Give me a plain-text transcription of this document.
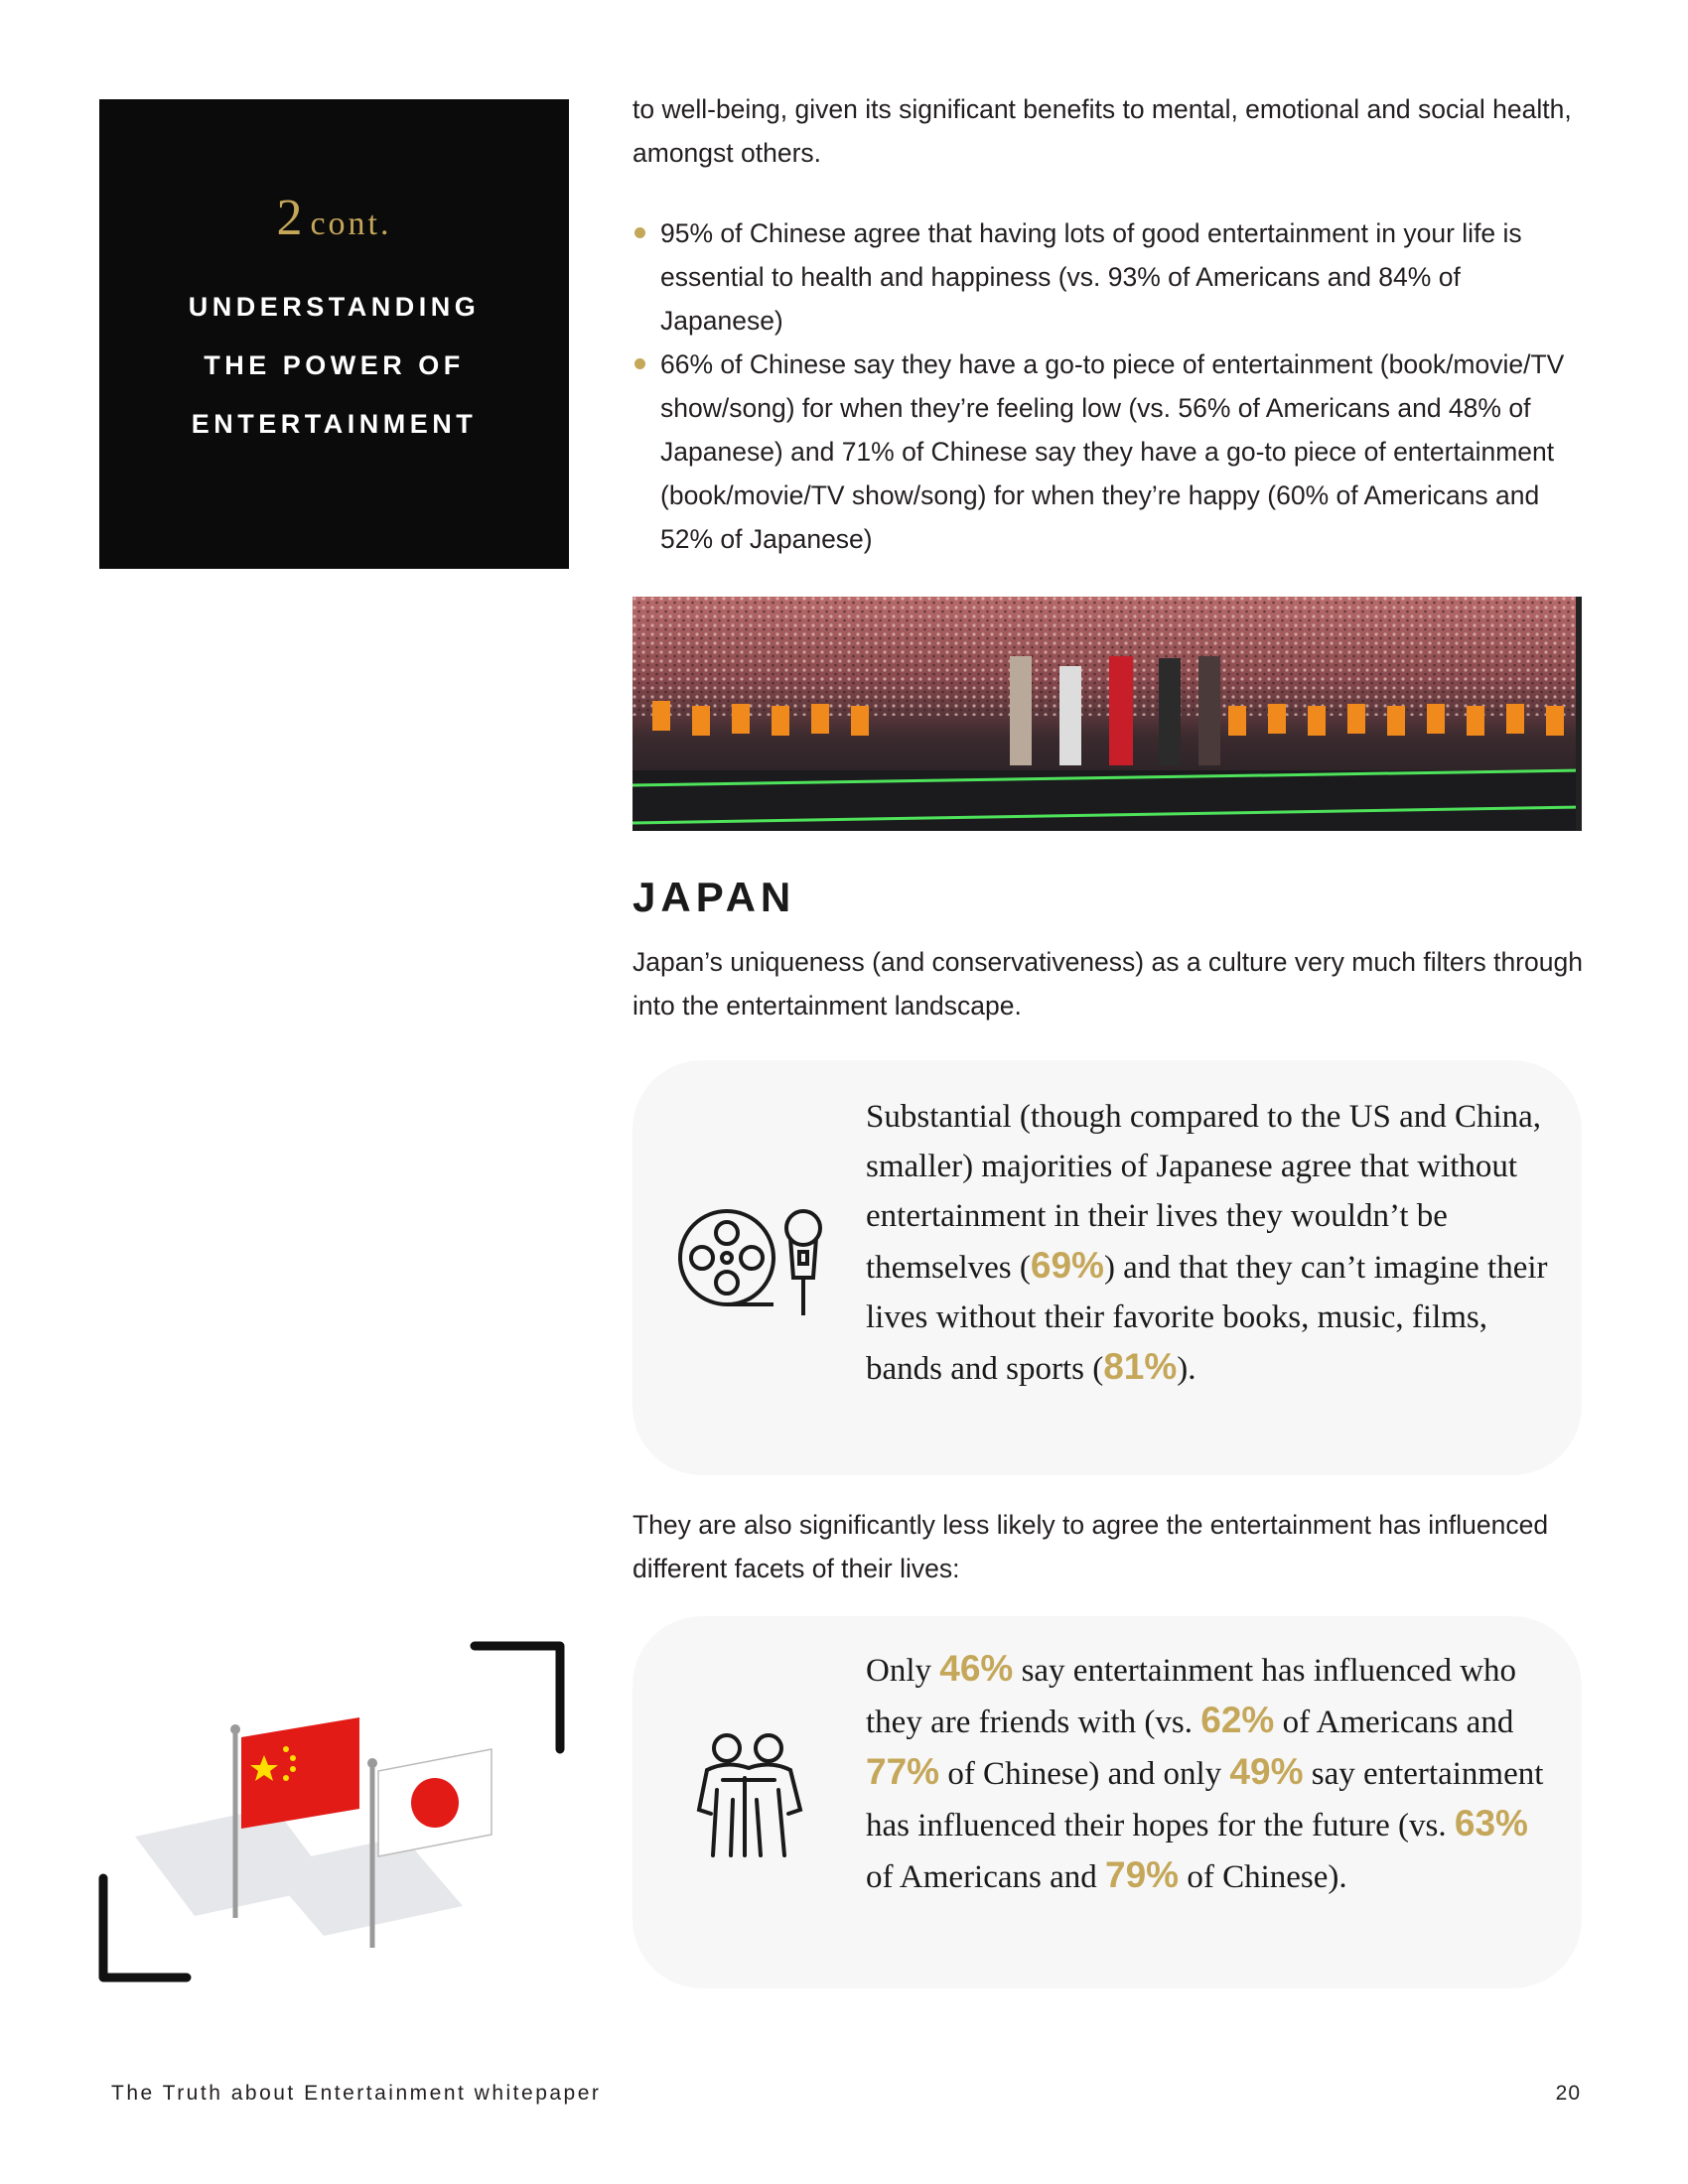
2 cont.
UNDERSTANDING
THE POWER OF
ENTERTAINMENT
to well-being, given its significant benefits to mental, emotional and social health, amongst others.
95% of Chinese agree that having lots of good entertainment in your life is essential to health and happiness (vs. 93% of Americans and 84% of Japanese)
66% of Chinese say they have a go-to piece of entertainment (book/movie/TV show/song) for when they’re feeling low (vs. 56% of Americans and 48% of Japanese) and 71% of Chinese say they have a go-to piece of entertainment (book/movie/TV show/song) for when they’re happy (60% of Americans and 52% of Japanese)
JAPAN
Japan’s uniqueness (and conservativeness) as a culture very much filters through into the entertainment landscape.
Substantial (though compared to the US and China, smaller) majorities of Japanese agree that without entertainment in their lives they wouldn’t be themselves (69%) and that they can’t imagine their lives without their favorite books, music, films, bands and sports (81%).
They are also significantly less likely to agree the entertainment has influenced different facets of their lives:
Only 46% say entertainment has influenced who they are friends with (vs. 62% of Americans and 77% of Chinese) and only 49% say entertainment has influenced their hopes for the future (vs. 63% of Americans and 79% of Chinese).
The Truth about Entertainment whitepaper	20
